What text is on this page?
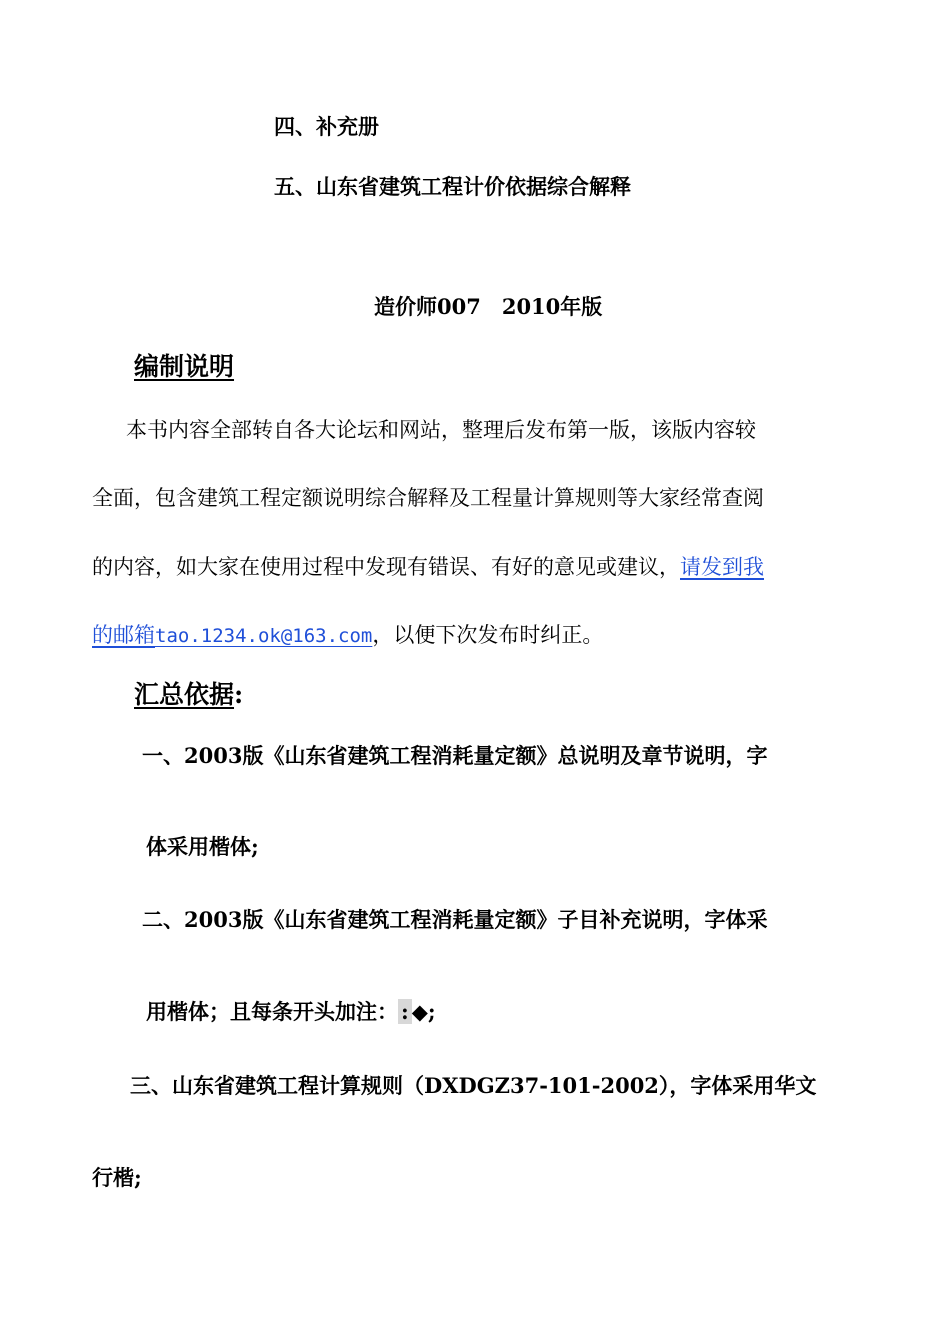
四、补充册
五、山东省建筑工程计价依据综合解释
造价师007　2010年版
编制说明
本书内容全部转自各大论坛和网站，整理后发布第一版，该版内容较
全面，包含建筑工程定额说明综合解释及工程量计算规则等大家经常查阅
的内容，如大家在使用过程中发现有错误、有好的意见或建议，请发到我
的邮箱tao.1234.ok@163.com，以便下次发布时纠正。
汇总依据:
一、2003版《山东省建筑工程消耗量定额》总说明及章节说明，字
体采用楷体;
二、2003版《山东省建筑工程消耗量定额》子目补充说明，字体采
用楷体；且每条开头加注： : ◆;
三、山东省建筑工程计算规则（DXDGZ37-101-2002），字体采用华文
行楷;
